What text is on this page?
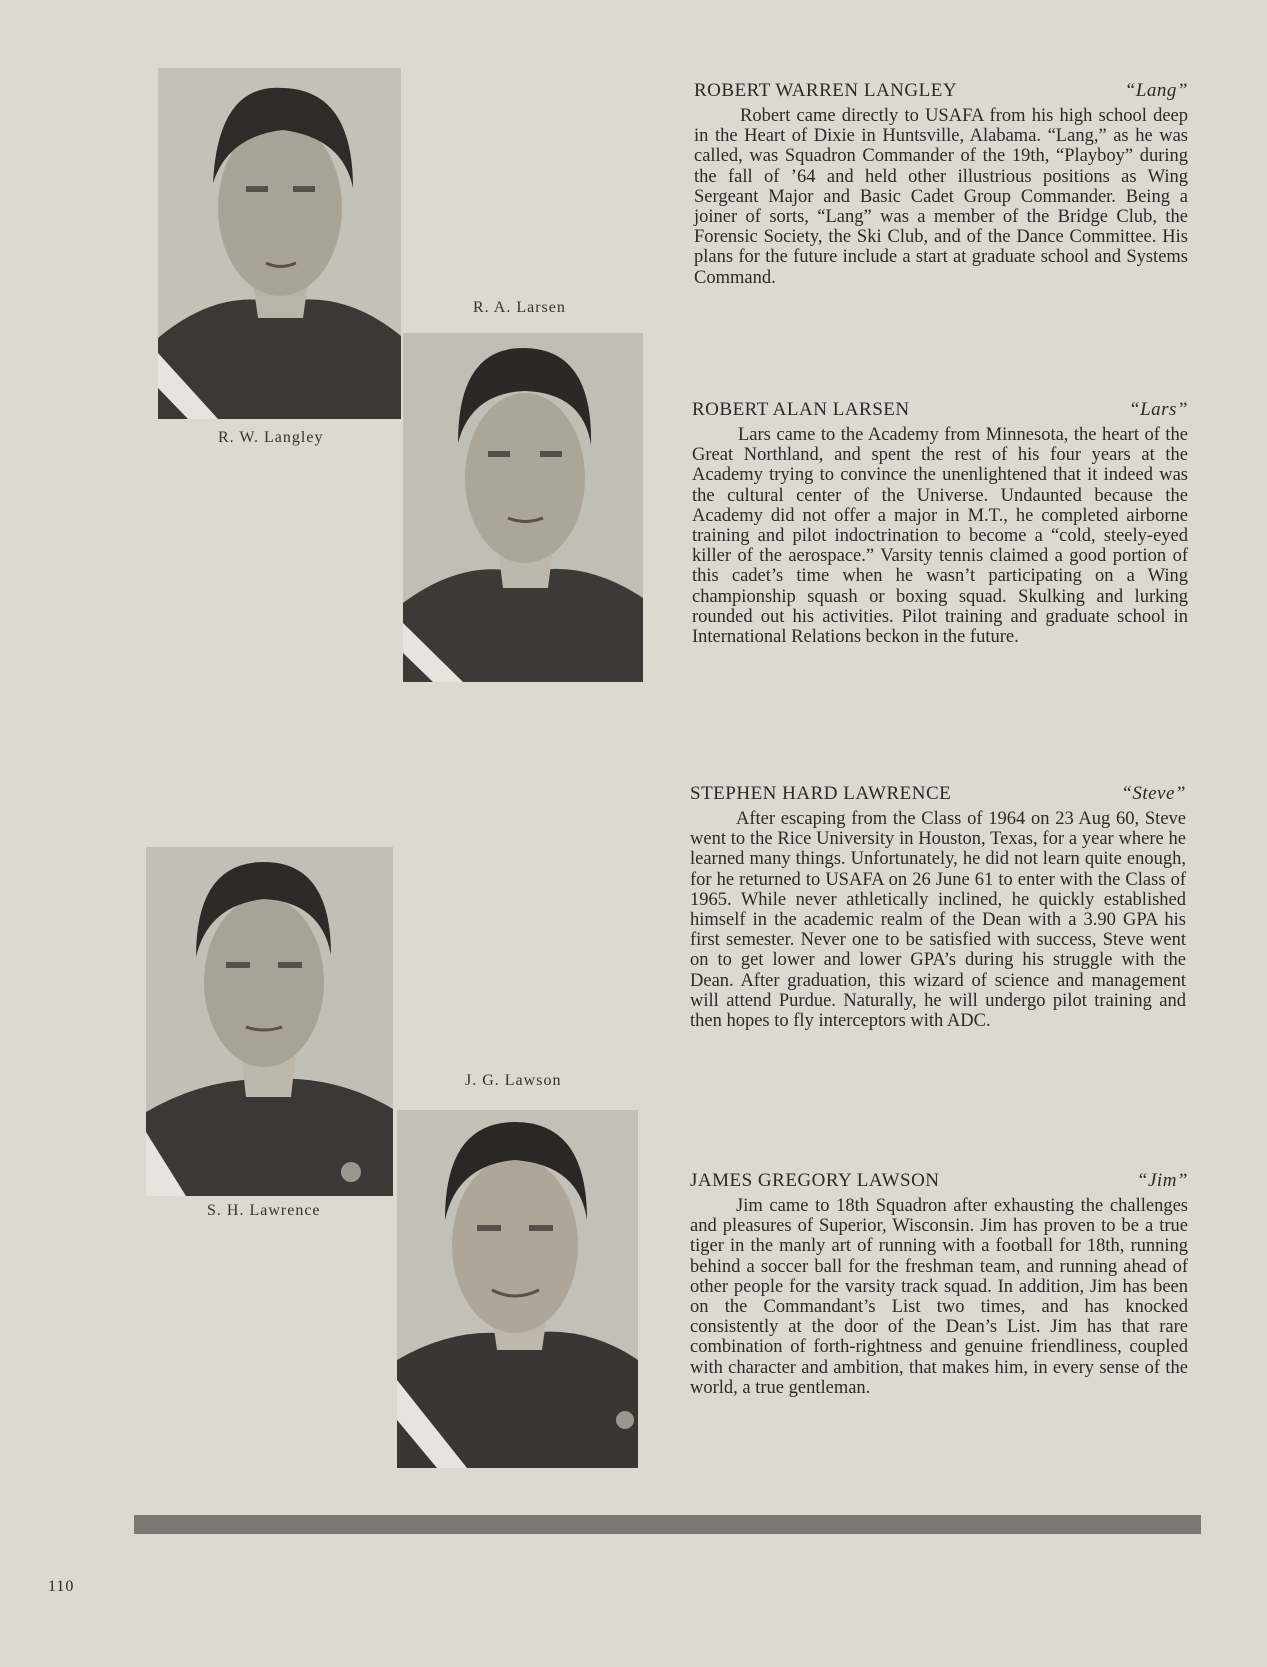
R. W. Langley
R. A. Larsen
S. H. Lawrence
J. G. Lawson
ROBERT WARREN LANGLEY	“Lang”

Robert came directly to USAFA from his high school deep in the Heart of Dixie in Huntsville, Alabama. “Lang,” as he was called, was Squadron Commander of the 19th, “Playboy” during the fall of ’64 and held other illustrious positions as Wing Sergeant Major and Basic Cadet Group Commander. Being a joiner of sorts, “Lang” was a member of the Bridge Club, the Forensic Society, the Ski Club, and of the Dance Committee. His plans for the future include a start at graduate school and Systems Command.

ROBERT ALAN LARSEN	“Lars”

Lars came to the Academy from Minnesota, the heart of the Great Northland, and spent the rest of his four years at the Academy trying to convince the unenlightened that it indeed was the cultural center of the Universe. Undaunted because the Academy did not offer a major in M.T., he completed airborne training and pilot indoctrination to become a “cold, steely-eyed killer of the aerospace.” Varsity tennis claimed a good portion of this cadet’s time when he wasn’t participating on a Wing championship squash or boxing squad. Skulking and lurking rounded out his activities. Pilot training and graduate school in International Relations beckon in the future.

STEPHEN HARD LAWRENCE	“Steve”

After escaping from the Class of 1964 on 23 Aug 60, Steve went to the Rice University in Houston, Texas, for a year where he learned many things. Unfortunately, he did not learn quite enough, for he returned to USAFA on 26 June 61 to enter with the Class of 1965. While never athletically inclined, he quickly established himself in the academic realm of the Dean with a 3.90 GPA his first semester. Never one to be satisfied with success, Steve went on to get lower and lower GPA’s during his struggle with the Dean. After graduation, this wizard of science and management will attend Purdue. Naturally, he will undergo pilot training and then hopes to fly interceptors with ADC.

JAMES GREGORY LAWSON	“Jim”

Jim came to 18th Squadron after exhausting the challenges and pleasures of Superior, Wisconsin. Jim has proven to be a true tiger in the manly art of running with a football for 18th, running behind a soccer ball for the freshman team, and running ahead of other people for the varsity track squad. In addition, Jim has been on the Commandant’s List two times, and has knocked consistently at the door of the Dean’s List. Jim has that rare combination of forth-rightness and genuine friendliness, coupled with character and ambition, that makes him, in every sense of the world, a true gentleman.

110
